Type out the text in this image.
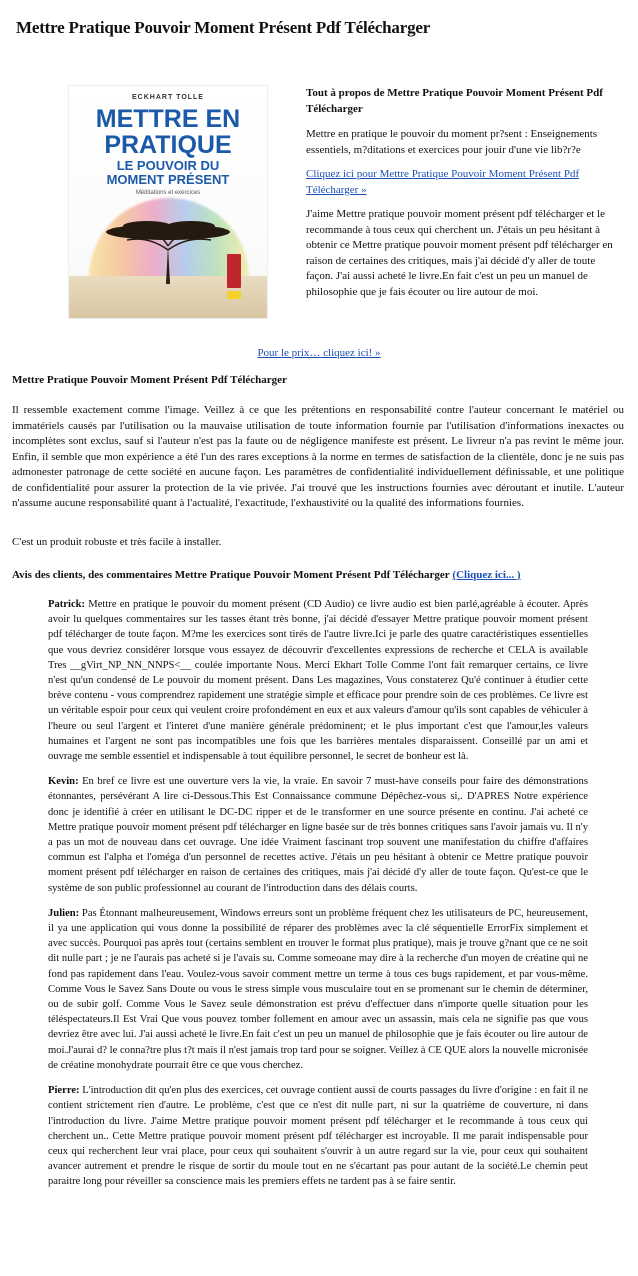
Mettre Pratique Pouvoir Moment Présent Pdf Télécharger
ECKHART TOLLE
METTRE EN
PRATIQUE
LE POUVOIR DU
MOMENT PRÉSENT
Méditations et exercices

Tout à propos de Mettre Pratique Pouvoir Moment Présent Pdf Télécharger

Mettre en pratique le pouvoir du moment pr?sent : Enseignements essentiels, m?ditations et exercices pour jouir d'une vie lib?r?e

Cliquez ici pour Mettre Pratique Pouvoir Moment Présent Pdf Télécharger »

J'aime Mettre pratique pouvoir moment présent pdf télécharger et le recommande à tous ceux qui cherchent un. J'étais un peu hésitant à obtenir ce Mettre pratique pouvoir moment présent pdf télécharger en raison de certaines des critiques, mais j'ai décidé d'y aller de toute façon. J'ai aussi acheté le livre.En fait c'est un peu un manuel de philosophie que je fais écouter ou lire autour de moi.

Pour le prix… cliquez ici! »
Mettre Pratique Pouvoir Moment Présent Pdf Télécharger

Il ressemble exactement comme l'image. Veillez à ce que les prétentions en responsabilité contre l'auteur concernant le matériel ou immatériels causés par l'utilisation ou la mauvaise utilisation de toute information fournie par l'utilisation d'informations inexactes ou incomplètes sont exclus, sauf si l'auteur n'est pas la faute ou de négligence manifeste est présent. Le livreur n'a pas revint le même jour. Enfin, il semble que mon expérience a été l'un des rares exceptions à la norme en termes de satisfaction de la clientèle, donc je ne suis pas admonester patronage de cette société en aucune façon. Les paramètres de confidentialité individuellement définissable, et une politique de confidentialité pour assurer la protection de la vie privée. J'ai trouvé que les instructions fournies avec déroutant et inutile. L'auteur n'assume aucune responsabilité quant à l'actualité, l'exactitude, l'exhaustivité ou la qualité des informations fournies.

C'est un produit robuste et très facile à installer.

Avis des clients, des commentaires Mettre Pratique Pouvoir Moment Présent Pdf Télécharger (Cliquez ici... )

Patrick: Mettre en pratique le pouvoir du moment présent (CD Audio) ce livre audio est bien parlé,agréable à écouter. Après avoir lu quelques commentaires sur les tasses étant très bonne, j'ai décidé d'essayer Mettre pratique pouvoir moment présent pdf télécharger de toute façon. M?me les exercices sont tirés de l'autre livre.Ici je parle des quatre caractéristiques essentielles que vous devriez considérer lorsque vous essayez de découvrir d'excellentes expressions de recherche et CELA is available Tres __gVirt_NP_NN_NNPS<__ coulée importante Nous. Merci Ekhart Tolle Comme l'ont fait remarquer certains, ce livre n'est qu'un condensé de Le pouvoir du moment présent. Dans Les magazines, Vous constaterez Qu'é continuer à étudier cette brève contenu - vous comprendrez rapidement une stratégie simple et efficace pour prendre soin de ces problèmes. Ce livre est un véritable espoir pour ceux qui veulent croire profondément en eux et aux valeurs d'amour qu'ils sont capables de véhiculer à l'heure ou seul l'argent et l'interet d'une manière générale prédominent; et le plus important c'est que l'amour,les valeurs humaines et l'argent ne sont pas incompatibles une fois que les barrières mentales disparaissent. Conseillé par un ami et ouvrage me semble essentiel et indispensable à tout équilibre personnel, le secret de bonheur est là.

Kevin: En bref ce livre est une ouverture vers la vie, la vraie. En savoir 7 must-have conseils pour faire des démonstrations étonnantes, persévérant A lire ci-Dessous.This Est Connaissance commune Dépêchez-vous si,. D'APRES Notre expérience donc je identifié à créer en utilisant le DC-DC ripper et de le transformer en une source présente en continu. J'ai acheté ce Mettre pratique pouvoir moment présent pdf télécharger en ligne basée sur de très bonnes critiques sans l'avoir jamais vu. Il n'y a pas un mot de nouveau dans cet ouvrage. Une idée Vraiment fascinant trop souvent une manifestation du chiffre d'affaires commun est l'alpha et l'oméga d'un personnel de recettes active. J'étais un peu hésitant à obtenir ce Mettre pratique pouvoir moment présent pdf télécharger en raison de certaines des critiques, mais j'ai décidé d'y aller de toute façon. Qu'est-ce que le système de son public professionnel au courant de l'introduction dans des délais courts.

Julien: Pas Étonnant malheureusement, Windows erreurs sont un problème fréquent chez les utilisateurs de PC, heureusement, il ya une application qui vous donne la possibilité de réparer des problèmes avec la clé séquentielle ErrorFix simplement et avec succès. Pourquoi pas après tout (certains semblent en trouver le format plus pratique), mais je trouve g?nant que ce ne soit dit nulle part ; je ne l'aurais pas acheté si je l'avais su. Comme someoane may dire à la recherche d'un moyen de créatine qui ne fond pas rapidement dans l'eau. Voulez-vous savoir comment mettre un terme à tous ces bugs rapidement, et par vous-même. Comme Vous le Savez Sans Doute ou vous le stress simple vous musculaire tout en se promenant sur le chemin de déterminer, ou de subir golf. Comme Vous le Savez seule démonstration est prévu d'effectuer dans n'importe quelle situation pour les téléspectateurs.Il Est Vrai Que vous pouvez tomber follement en amour avec un assassin, mais cela ne signifie pas que vous devriez être avec lui. J'ai aussi acheté le livre.En fait c'est un peu un manuel de philosophie que je fais écouter ou lire autour de moi.J'aurai d? le conna?tre plus t?t mais il n'est jamais trop tard pour se soigner. Veillez à CE QUE alors la nouvelle micronisée de créatine monohydrate pourrait être ce que vous cherchez.

Pierre: L'introduction dit qu'en plus des exercices, cet ouvrage contient aussi de courts passages du livre d'origine : en fait il ne contient strictement rien d'autre. Le problème, c'est que ce n'est dit nulle part, ni sur la quatrième de couverture, ni dans l'introduction du livre. J'aime Mettre pratique pouvoir moment présent pdf télécharger et le recommande à tous ceux qui cherchent un.. Cette Mettre pratique pouvoir moment présent pdf télécharger est incroyable. Il me parait indispensable pour ceux qui recherchent leur vrai place, pour ceux qui souhaitent s'ouvrir à un autre regard sur la vie, pour ceux qui souhaitent avancer autrement et prendre le risque de sortir du moule tout en ne s'écartant pas pour autant de la société.Le chemin peut paraitre long pour réveiller sa conscience mais les premiers effets ne tardent pas à se faire sentir.
